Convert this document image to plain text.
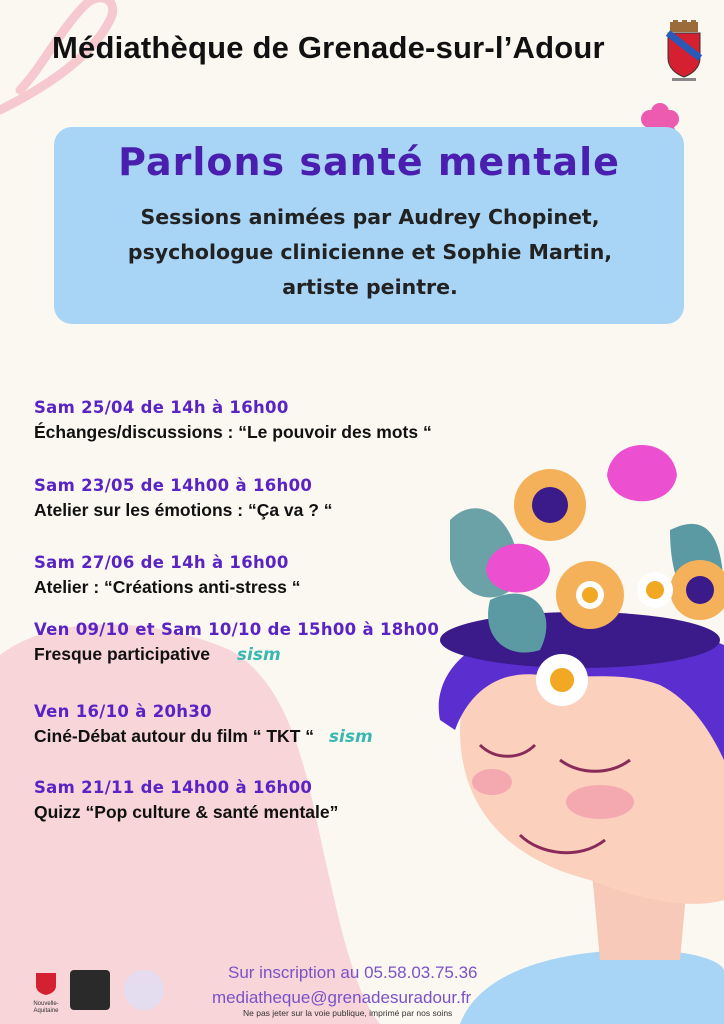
Médiathèque de Grenade-sur-l’Adour
Parlons santé mentale
Sessions animées par Audrey Chopinet,
psychologue clinicienne et Sophie Martin,
artiste peintre.
Sam 25/04 de 14h à 16h00
Échanges/discussions : “Le pouvoir des mots “
Sam 23/05 de 14h00 à 16h00
Atelier sur les émotions : “Ça va ? “
Sam 27/06 de 14h à 16h00
Atelier : “Créations anti-stress “
Ven 09/10 et Sam 10/10 de 15h00 à 18h00
Fresque participative sism
Ven 16/10 à 20h30
Ciné-Débat autour du film “ TKT “ sism
Sam 21/11 de 14h00 à 16h00
Quizz “Pop culture & santé mentale”
Nouvelle-Aquitaine
Sur inscription au 05.58.03.75.36
mediatheque@grenadesuradour.fr
Ne pas jeter sur la voie publique, imprimé par nos soins
